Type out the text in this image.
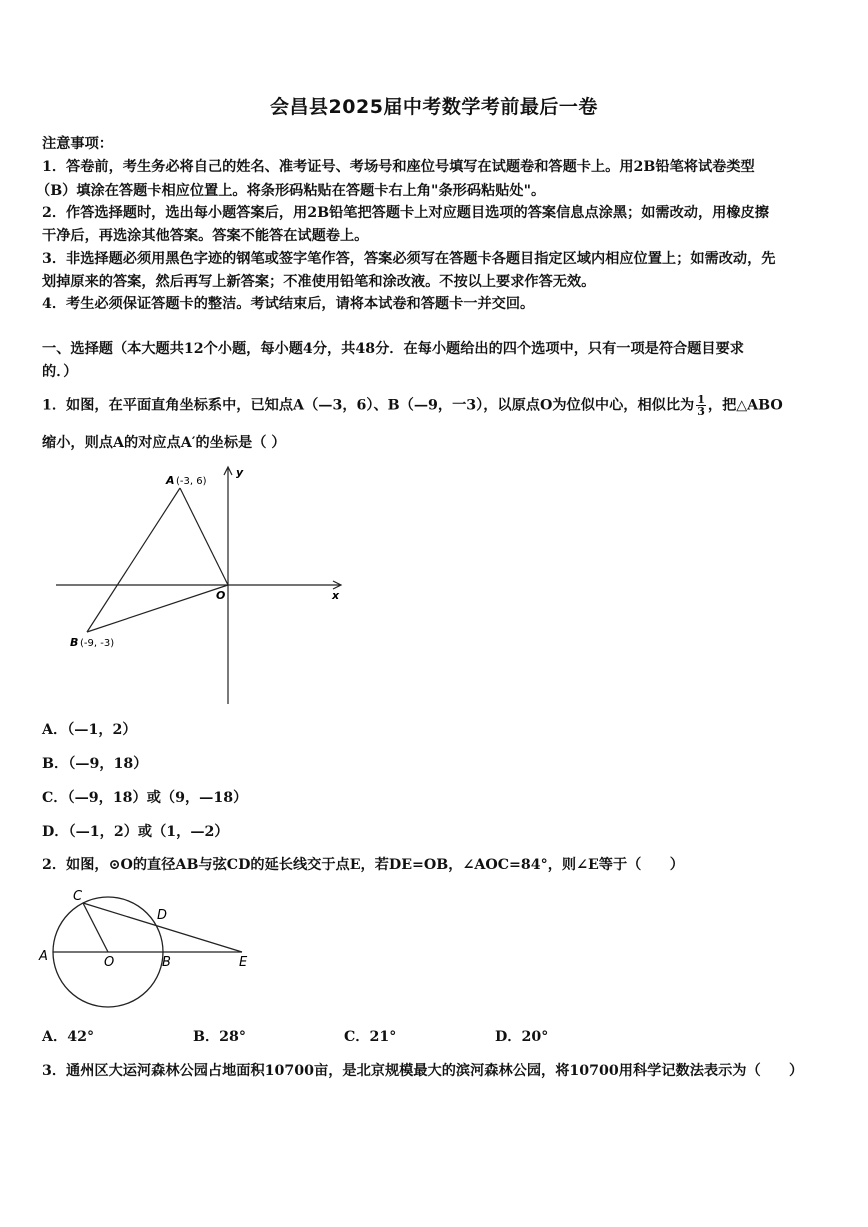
会昌县2025届中考数学考前最后一卷
注意事项：
1．答卷前，考生务必将自己的姓名、准考证号、考场号和座位号填写在试题卷和答题卡上。用2B铅笔将试卷类型
（B）填涂在答题卡相应位置上。将条形码粘贴在答题卡右上角"条形码粘贴处"。
2．作答选择题时，选出每小题答案后，用2B铅笔把答题卡上对应题目选项的答案信息点涂黑；如需改动，用橡皮擦
干净后，再选涂其他答案。答案不能答在试题卷上。
3．非选择题必须用黑色字迹的钢笔或签字笔作答，答案必须写在答题卡各题目指定区域内相应位置上；如需改动，先
划掉原来的答案，然后再写上新答案；不准使用铅笔和涂改液。不按以上要求作答无效。
4．考生必须保证答题卡的整洁。考试结束后，请将本试卷和答题卡一并交回。
一、选择题（本大题共12个小题，每小题4分，共48分．在每小题给出的四个选项中，只有一项是符合题目要求
的．）
1．如图，在平面直角坐标系中，已知点A（—3，6）、B（—9，一3），以原点O为位似中心，相似比为 $\frac{1}{3}$ ，把△ABO
缩小，则点A的对应点A′的坐标是（ ）
A (-3, 6)
B (-9, -3)
O	x
y
A．（—1，2）
B．（—9，18）
C．（—9，18）或（9，—18）
D．（—1，2）或（1，—2）
2．如图，⊙O的直径AB与弦CD的延长线交于点E，若DE=OB，∠AOC=84°，则∠E等于（　　）
A	O	B
C
D
E
A．42°	B．28°	C．21°	D．20°
3．通州区大运河森林公园占地面积10700亩，是北京规模最大的滨河森林公园，将10700用科学记数法表示为（　　）
